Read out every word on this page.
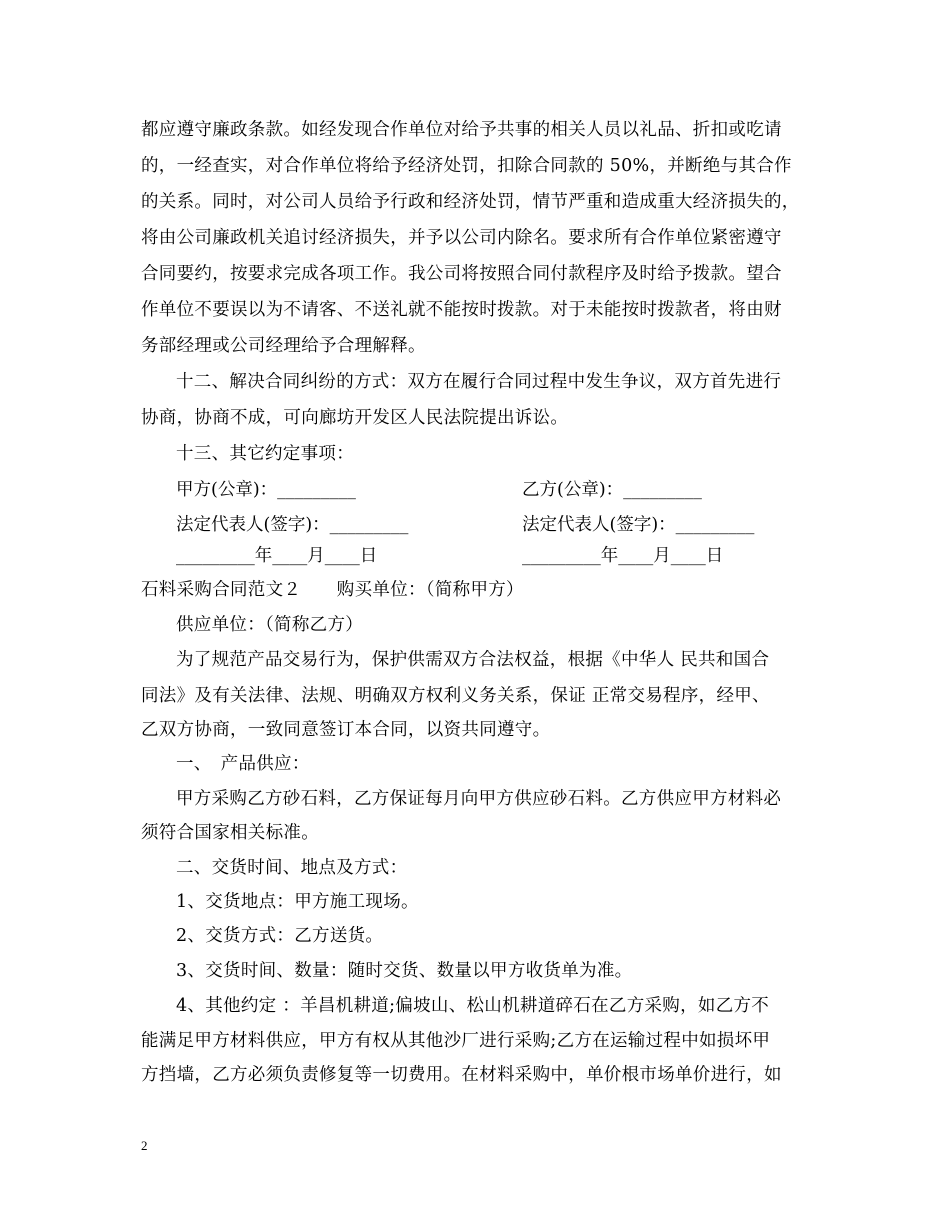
都应遵守廉政条款。如经发现合作单位对给予共事的相关人员以礼品、折扣或吃请
的，一经查实，对合作单位将给予经济处罚，扣除合同款的 50%，并断绝与其合作
的关系。同时，对公司人员给予行政和经济处罚，情节严重和造成重大经济损失的，
将由公司廉政机关追讨经济损失，并予以公司内除名。要求所有合作单位紧密遵守
合同要约，按要求完成各项工作。我公司将按照合同付款程序及时给予拨款。望合
作单位不要误以为不请客、不送礼就不能按时拨款。对于未能按时拨款者，将由财
务部经理或公司经理给予合理解释。
十二、解决合同纠纷的方式：双方在履行合同过程中发生争议，双方首先进行
协商，协商不成，可向廊坊开发区人民法院提出诉讼。
十三、其它约定事项：
甲方(公章)：_________	乙方(公章)：_________
法定代表人(签字)：_________	法定代表人(签字)：_________
_________年____月____日	_________年____月____日
石料采购合同范文２　　购买单位：（简称甲方）
供应单位：（简称乙方）
为了规范产品交易行为，保护供需双方合法权益，根据《中华人 民共和国合
同法》及有关法律、法规、明确双方权利义务关系，保证 正常交易程序，经甲、
乙双方协商，一致同意签订本合同，以资共同遵守。
一、　产品供应：
甲方采购乙方砂石料，乙方保证每月向甲方供应砂石料。乙方供应甲方材料必
须符合国家相关标准。
二、交货时间、地点及方式：
1、交货地点：甲方施工现场。
2、交货方式：乙方送货。
3、交货时间、数量：随时交货、数量以甲方收货单为准。
4、其他约定 ：羊昌机耕道;偏坡山、松山机耕道碎石在乙方采购，如乙方不
能满足甲方材料供应，甲方有权从其他沙厂进行采购;乙方在运输过程中如损坏甲
方挡墙，乙方必须负责修复等一切费用。在材料采购中，单价根市场单价进行，如
2
